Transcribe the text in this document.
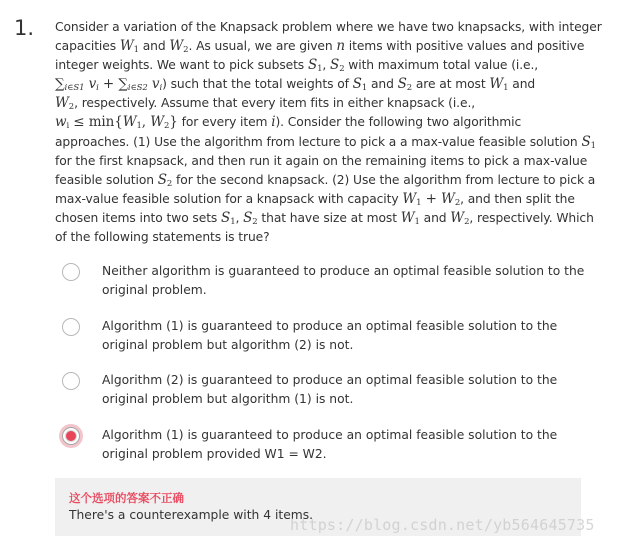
1. Consider a variation of the Knapsack problem where we have two knapsacks, with integer
capacities $W_1$ and $W_2$. As usual, we are given n items with positive values and positive
integer weights. We want to pick subsets $S_1$, $S_2$ with maximum total value (i.e.,
$\sum_{i\in S1}$ $v_i + \sum_{i\in S2}$ $v_i$) such that the total weights of $S_1$ and $S_2$ are at most $W_1$ and
$W_2$, respectively. Assume that every item fits in either knapsack (i.e.,
$w_i \le \min\{W_1$, $W_2$} for every item i). Consider the following two algorithmic
approaches. (1) Use the algorithm from lecture to pick a a max-value feasible solution $S_1$
for the first knapsack, and then run it again on the remaining items to pick a max-value
feasible solution $S_2$ for the second knapsack. (2) Use the algorithm from lecture to pick a
max-value feasible solution for a knapsack with capacity $W_1 + W_2$, and then split the
chosen items into two sets $S_1$, $S_2$ that have size at most $W_1$ and $W_2$, respectively. Which
of the following statements is true?
Neither algorithm is guaranteed to produce an optimal feasible solution to the
original problem.
Algorithm (1) is guaranteed to produce an optimal feasible solution to the
original problem but algorithm (2) is not.
Algorithm (2) is guaranteed to produce an optimal feasible solution to the
original problem but algorithm (1) is not.
Algorithm (1) is guaranteed to produce an optimal feasible solution to the
original problem provided W1 = W2.
这个选项的答案不正确
There's a counterexample with 4 items.
https://blog.csdn.net/yb564645735
